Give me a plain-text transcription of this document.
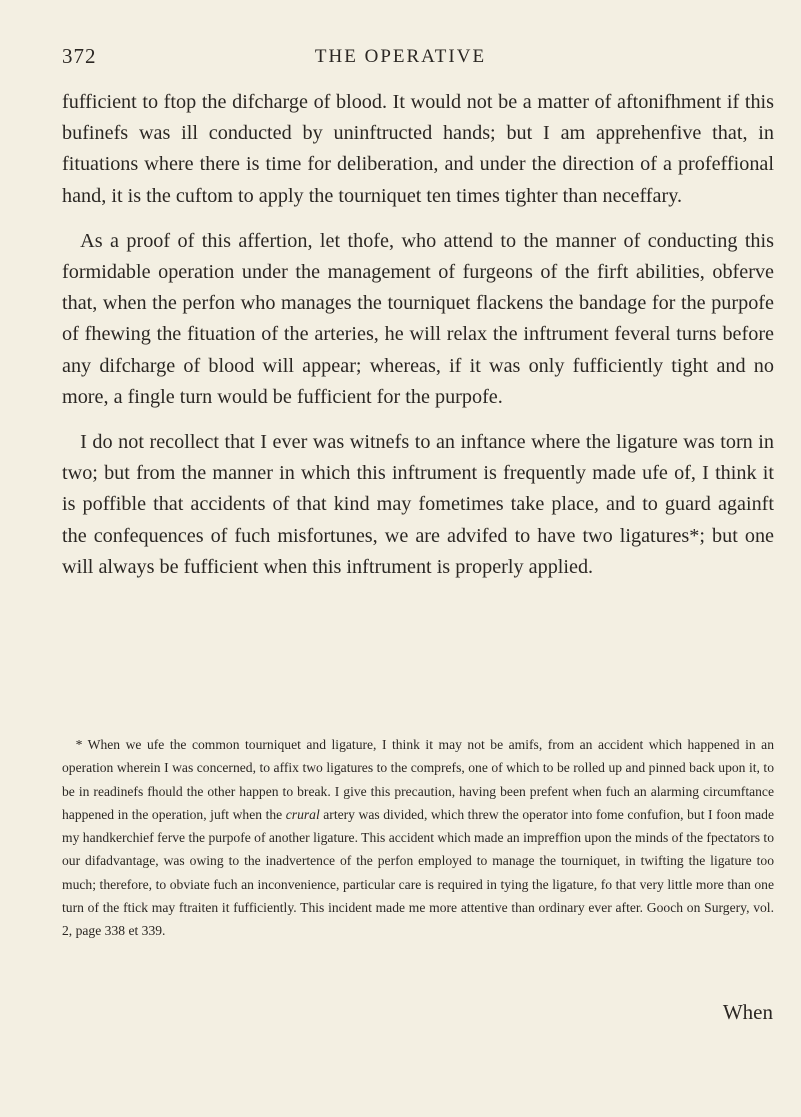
372	THE OPERATIVE

fufficient to ftop the difcharge of blood. It would not be a matter of aftonifhment if this bufinefs was ill conducted by uninftructed hands; but I am apprehenfive that, in fituations where there is time for deliberation, and under the direction of a profeffional hand, it is the cuftom to apply the tourniquet ten times tighter than neceffary.

As a proof of this affertion, let thofe, who attend to the manner of conducting this formidable operation under the management of furgeons of the firft abilities, obferve that, when the perfon who manages the tourniquet flackens the bandage for the purpofe of fhewing the fituation of the arteries, he will relax the inftrument feveral turns before any difcharge of blood will appear; whereas, if it was only fufficiently tight and no more, a fingle turn would be fufficient for the purpofe.

I do not recollect that I ever was witnefs to an inftance where the ligature was torn in two; but from the manner in which this inftrument is frequently made ufe of, I think it is poffible that accidents of that kind may fometimes take place, and to guard againft the confequences of fuch misfortunes, we are advifed to have two ligatures*; but one will always be fufficient when this inftrument is properly applied.

* When we ufe the common tourniquet and ligature, I think it may not be amifs, from an accident which happened in an operation wherein I was concerned, to affix two ligatures to the comprefs, one of which to be rolled up and pinned back upon it, to be in readinefs fhould the other happen to break. I give this precaution, having been prefent when fuch an alarming circumftance happened in the operation, juft when the crural artery was divided, which threw the operator into fome confufion, but I foon made my handkerchief ferve the purpofe of another ligature. This accident which made an impreffion upon the minds of the fpectators to our difadvantage, was owing to the inadvertence of the perfon employed to manage the tourniquet, in twifting the ligature too much; therefore, to obviate fuch an inconvenience, particular care is required in tying the ligature, fo that very little more than one turn of the ftick may ftraiten it fufficiently. This incident made me more attentive than ordinary ever after. Gooch on Surgery, vol. 2, page 338 et 339.

When
